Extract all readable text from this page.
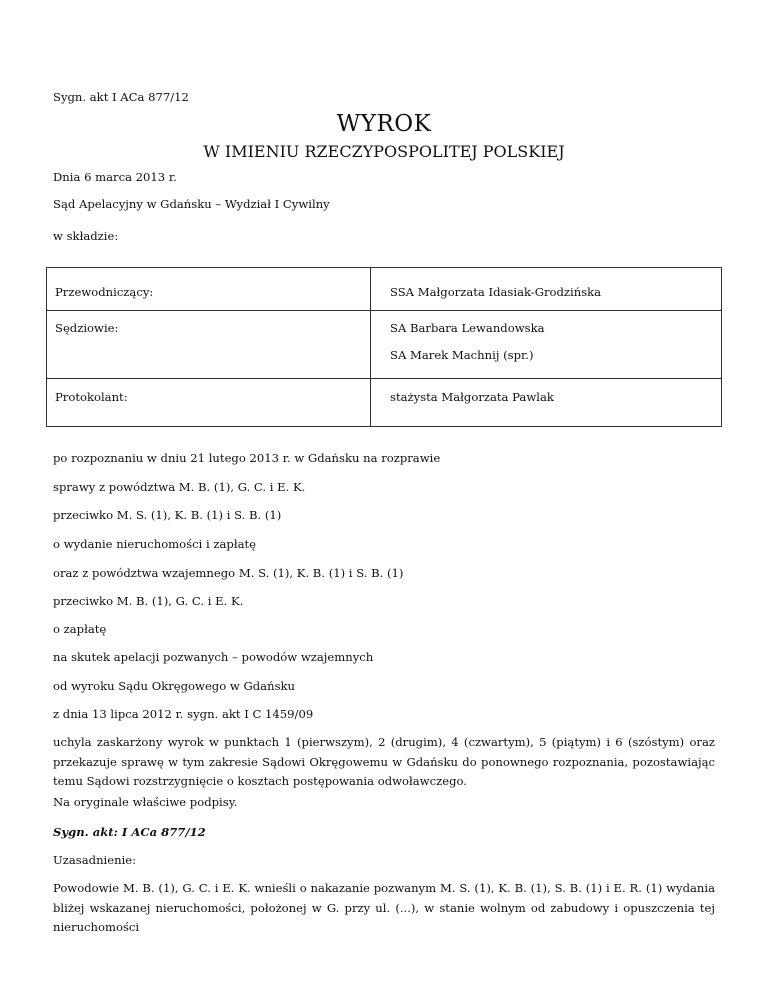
Sygn. akt I ACa 877/12
WYROK
W IMIENIU RZECZYPOSPOLITEJ POLSKIEJ
Dnia 6 marca 2013 r.
Sąd Apelacyjny w Gdańsku – Wydział I Cywilny
w składzie:
Przewodniczący:	SSA Małgorzata Idasiak-Grodzińska
Sędziowie:	SA Barbara Lewandowska
SA Marek Machnij (spr.)
Protokolant:	stażysta Małgorzata Pawlak
po rozpoznaniu w dniu 21 lutego 2013 r. w Gdańsku na rozprawie
sprawy z powództwa M. B. (1), G. C. i E. K.
przeciwko M. S. (1), K. B. (1) i S. B. (1)
o wydanie nieruchomości i zapłatę
oraz z powództwa wzajemnego M. S. (1), K. B. (1) i S. B. (1)
przeciwko M. B. (1), G. C. i E. K.
o zapłatę
na skutek apelacji pozwanych – powodów wzajemnych
od wyroku Sądu Okręgowego w Gdańsku
z dnia 13 lipca 2012 r. sygn. akt I C 1459/09
uchyla zaskarżony wyrok w punktach 1 (pierwszym), 2 (drugim), 4 (czwartym), 5 (piątym) i 6 (szóstym) oraz przekazuje sprawę w tym zakresie Sądowi Okręgowemu w Gdańsku do ponownego rozpoznania, pozostawiając temu Sądowi rozstrzygnięcie o kosztach postępowania odwoławczego.
Na oryginale właściwe podpisy.
Sygn. akt: I ACa 877/12
Uzasadnienie:
Powodowie M. B. (1), G. C. i E. K. wnieśli o nakazanie pozwanym M. S. (1), K. B. (1), S. B. (1) i E. R. (1) wydania bliżej wskazanej nieruchomości, położonej w G. przy ul. (...), w stanie wolnym od zabudowy i opuszczenia tej nieruchomości
